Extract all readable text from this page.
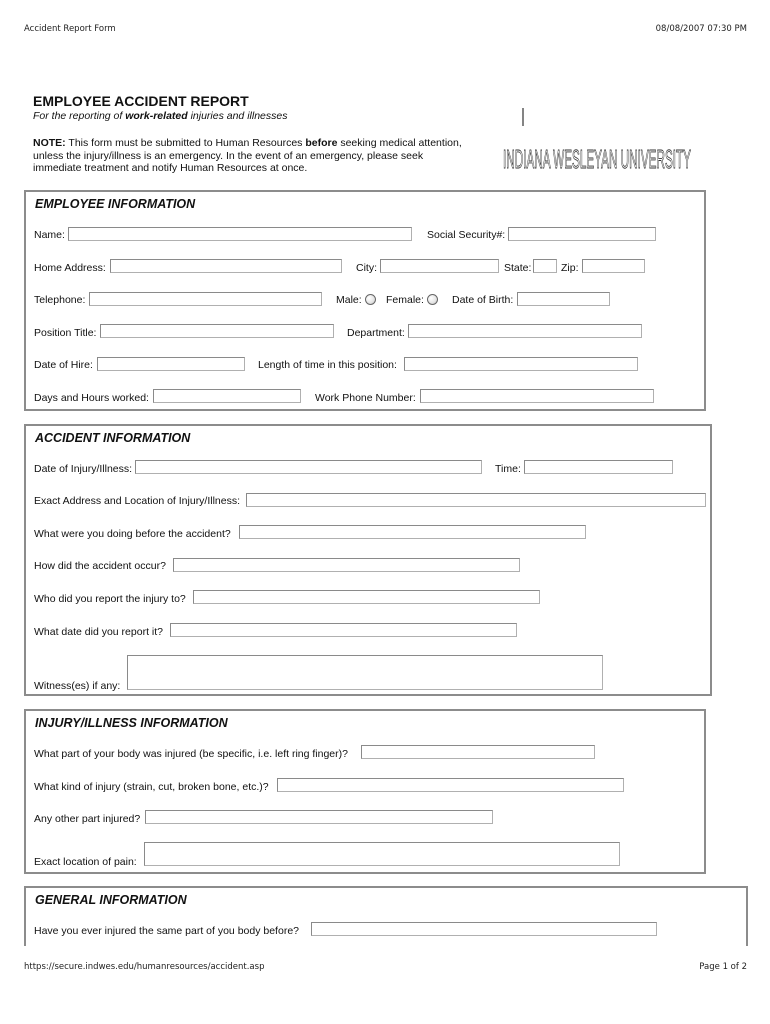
Accident Report Form	08/08/2007 07:30 PM
EMPLOYEE ACCIDENT REPORT
For the reporting of work-related injuries and illnesses
NOTE: This form must be submitted to Human Resources before seeking medical attention, unless the injury/illness is an emergency. In the event of an emergency, please seek immediate treatment and notify Human Resources at once.	INDIANA WESLEYAN UNIVERSITY
EMPLOYEE INFORMATION
Name:	Social Security#:
Home Address:	City:	State:	Zip:
Telephone:	Male: Female:	Date of Birth:
Position Title:	Department:
Date of Hire:	Length of time in this position:
Days and Hours worked:	Work Phone Number:
ACCIDENT INFORMATION
Date of Injury/Illness:	Time:
Exact Address and Location of Injury/Illness:
What were you doing before the accident?
How did the accident occur?
Who did you report the injury to?
What date did you report it?
Witness(es) if any:
INJURY/ILLNESS INFORMATION
What part of your body was injured (be specific, i.e. left ring finger)?
What kind of injury (strain, cut, broken bone, etc.)?
Any other part injured?
Exact location of pain:
GENERAL INFORMATION
Have you ever injured the same part of you body before?
https://secure.indwes.edu/humanresources/accident.asp	Page 1 of 2
